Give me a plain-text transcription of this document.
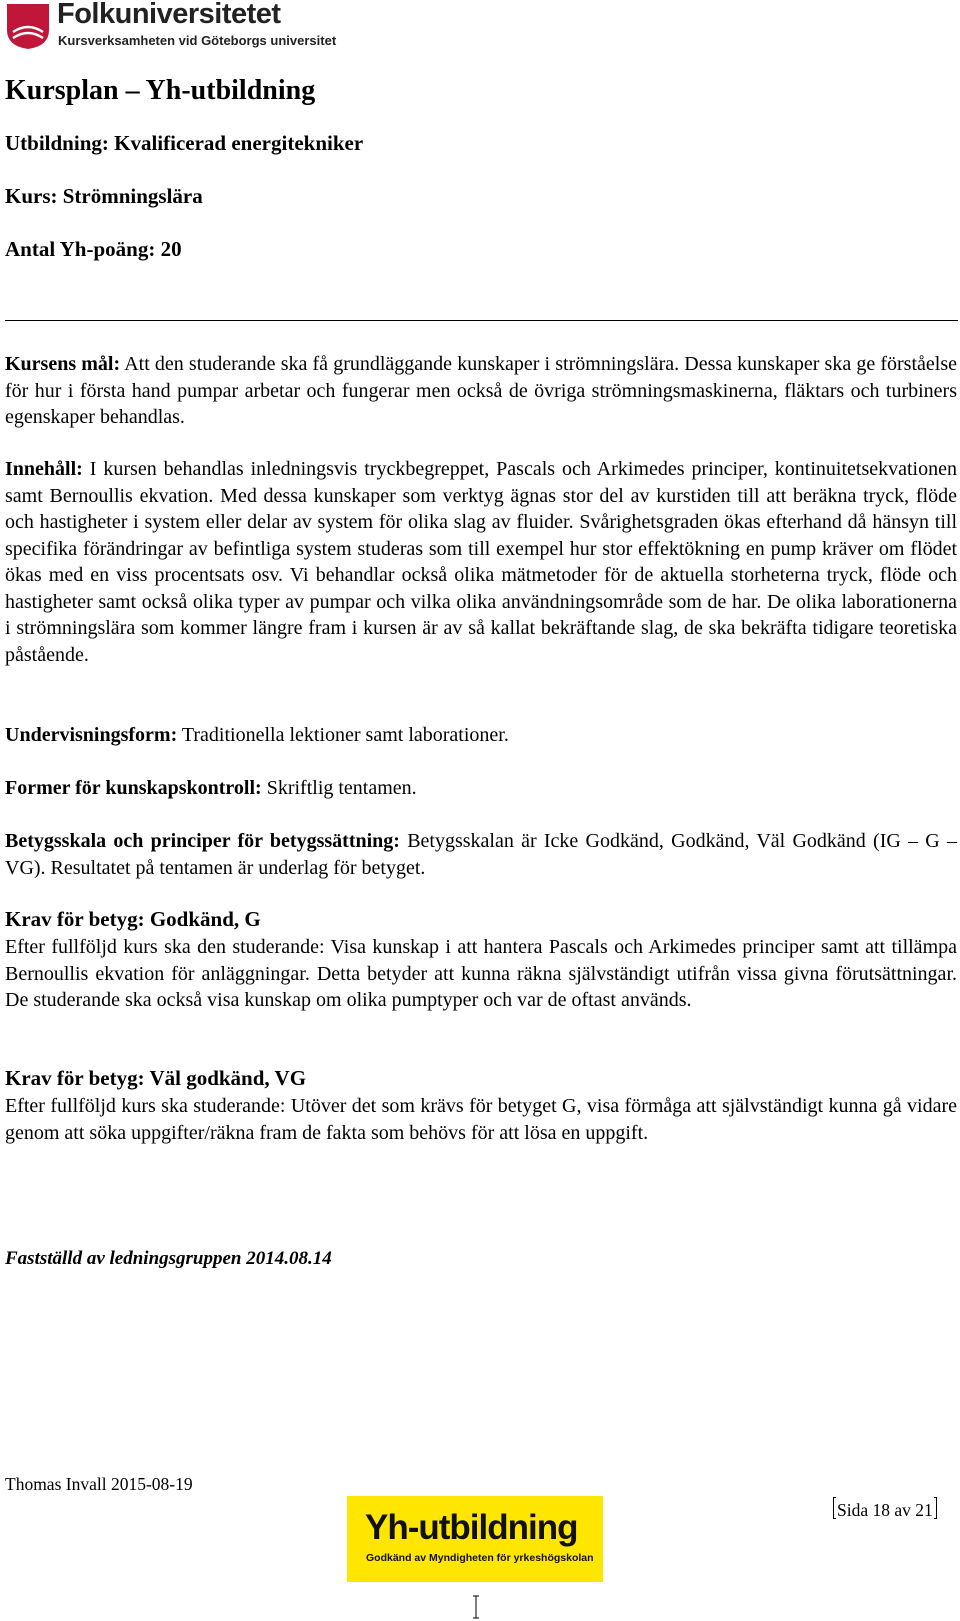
Folkuniversitetet
Kursverksamheten vid Göteborgs universitet
Kursplan – Yh-utbildning

Utbildning: Kvalificerad energitekniker

Kurs: Strömningslära

Antal Yh-poäng: 20

Kursens mål: Att den studerande ska få grundläggande kunskaper i strömningslära. Dessa kunskaper ska ge förståelse för hur i första hand pumpar arbetar och fungerar men också de övriga strömningsmaskinerna, fläktars och turbiners egenskaper behandlas.

Innehåll: I kursen behandlas inledningsvis tryckbegreppet, Pascals och Arkimedes principer, kontinuitetsekvationen samt Bernoullis ekvation. Med dessa kunskaper som verktyg ägnas stor del av kurstiden till att beräkna tryck, flöde och hastigheter i system eller delar av system för olika slag av fluider. Svårighetsgraden ökas efterhand då hänsyn till specifika förändringar av befintliga system studeras som till exempel hur stor effektökning en pump kräver om flödet ökas med en viss procentsats osv. Vi behandlar också olika mätmetoder för de aktuella storheterna tryck, flöde och hastigheter samt också olika typer av pumpar och vilka olika användningsområde som de har. De olika laborationerna i strömningslära som kommer längre fram i kursen är av så kallat bekräftande slag, de ska bekräfta tidigare teoretiska påstående.

Undervisningsform: Traditionella lektioner samt laborationer.

Former för kunskapskontroll: Skriftlig tentamen.

Betygsskala och principer för betygssättning: Betygsskalan är Icke Godkänd, Godkänd, Väl Godkänd (IG – G – VG). Resultatet på tentamen är underlag för betyget.

Krav för betyg: Godkänd, G

Efter fullföljd kurs ska den studerande: Visa kunskap i att hantera Pascals och Arkimedes principer samt att tillämpa Bernoullis ekvation för anläggningar. Detta betyder att kunna räkna självständigt utifrån vissa givna förutsättningar. De studerande ska också visa kunskap om olika pumptyper och var de oftast används.

Krav för betyg: Väl godkänd, VG

Efter fullföljd kurs ska studerande: Utöver det som krävs för betyget G, visa förmåga att självständigt kunna gå vidare genom att söka uppgifter/räkna fram de fakta som behövs för att lösa en uppgift.

Fastställd av ledningsgruppen 2014.08.14

Thomas Invall 2015-08-19

Yh-utbildning
Godkänd av Myndigheten för yrkeshögskolan

Sida 18 av 21
